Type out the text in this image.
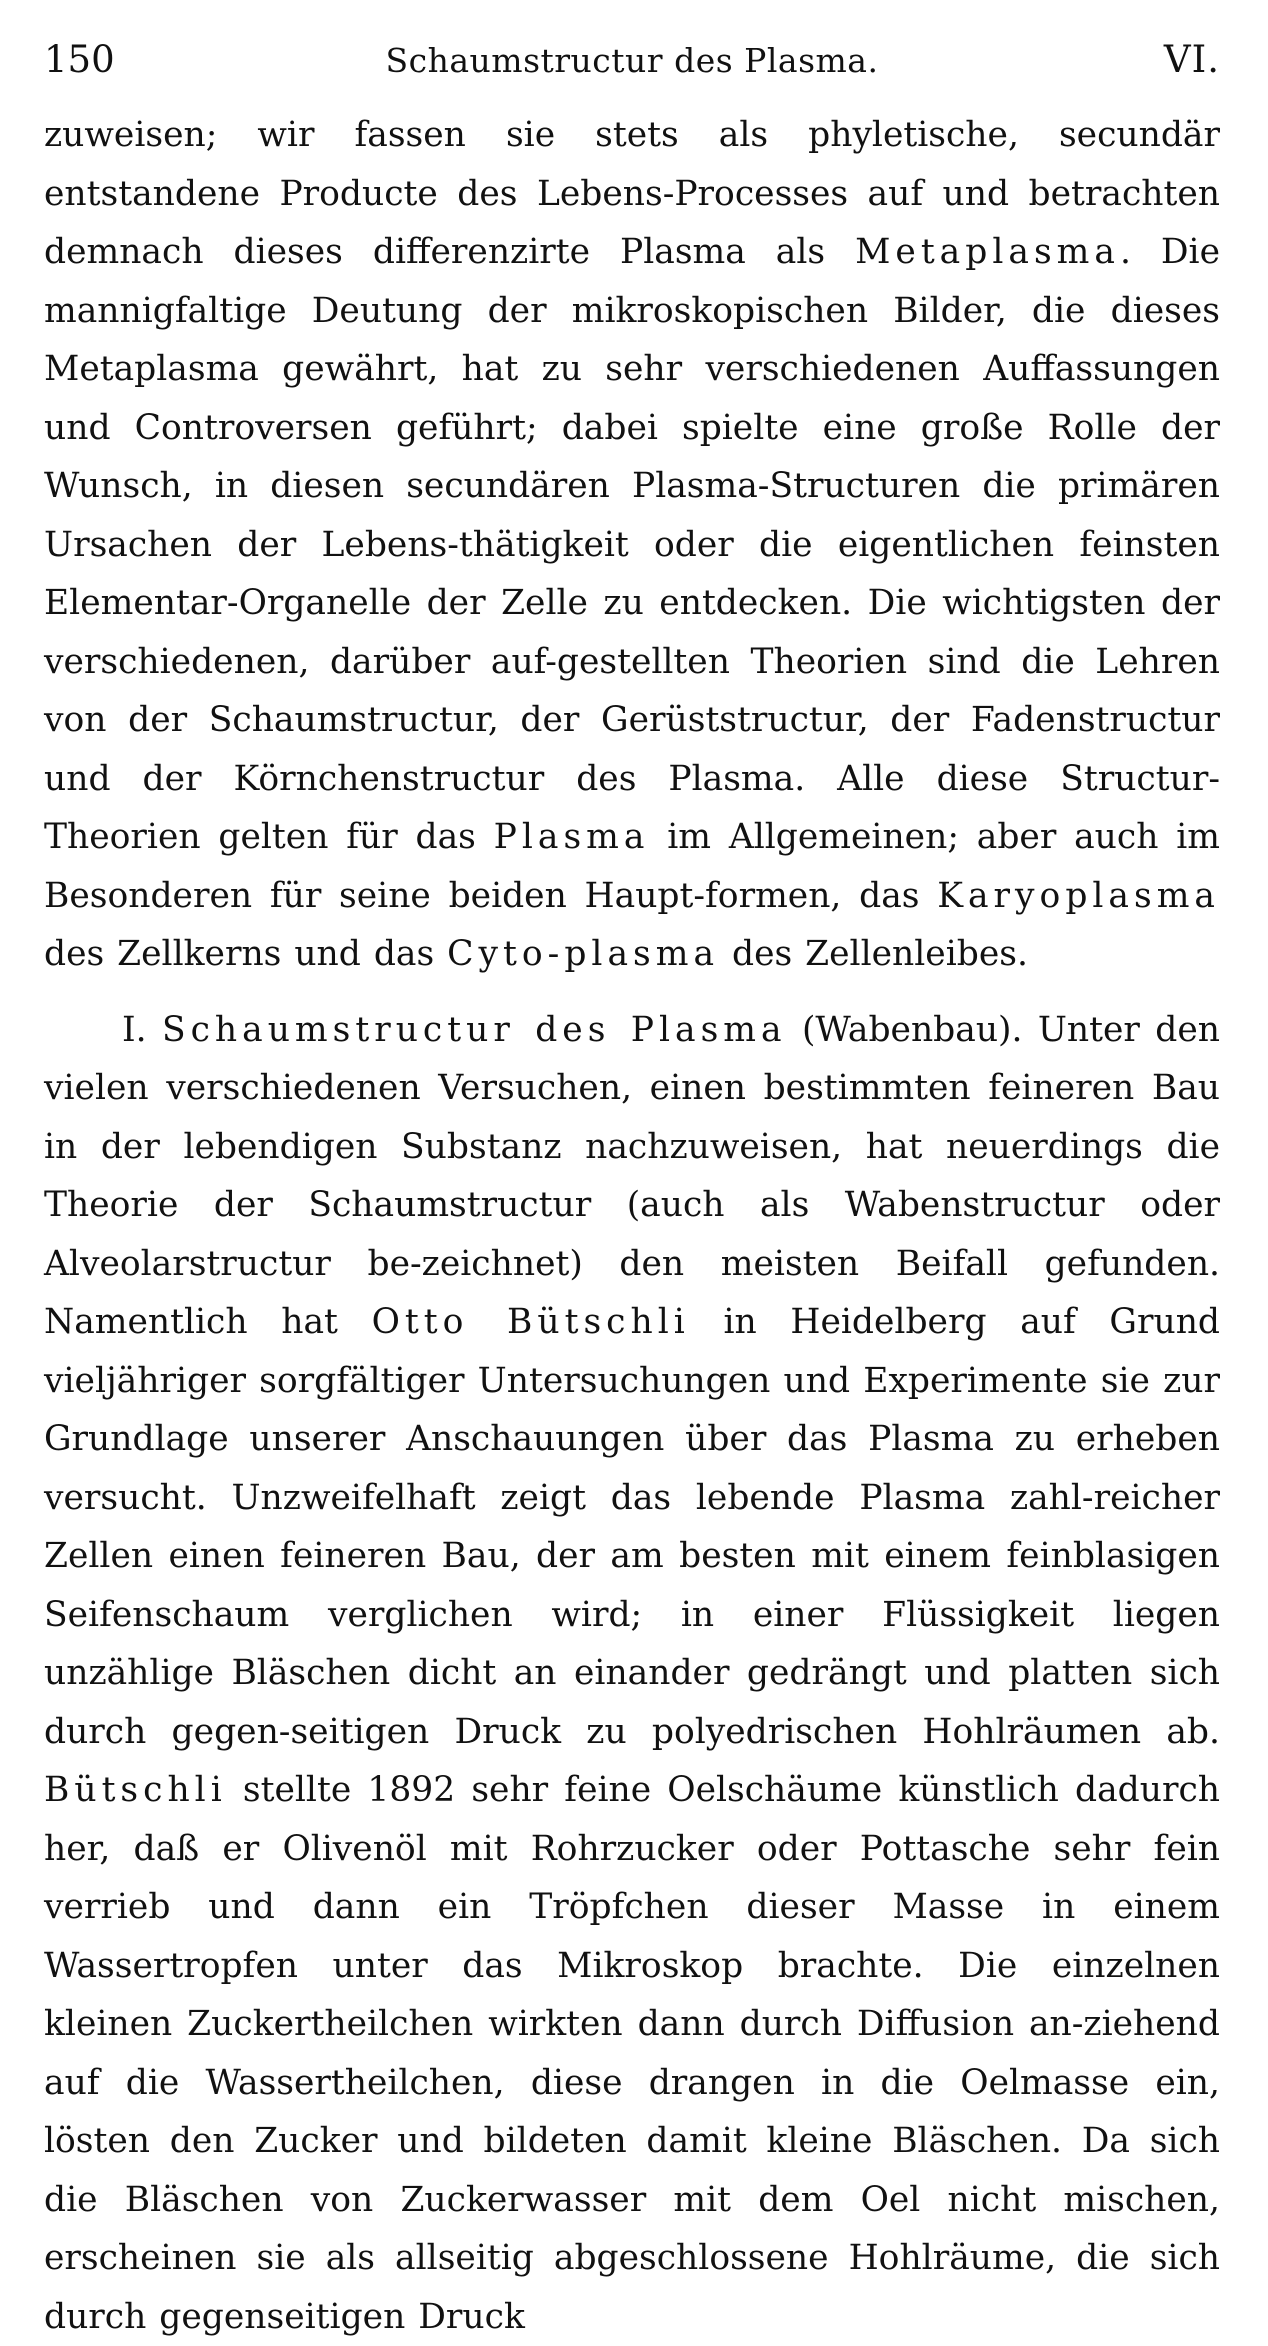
150	Schaumstructur des Plasma.	VI.

zuweisen; wir fassen sie stets als phyletische, secundär entstandene Producte des Lebens-Processes auf und betrachten demnach dieses differenzirte Plasma als Metaplasma. Die mannigfaltige Deutung der mikroskopischen Bilder, die dieses Metaplasma gewährt, hat zu sehr verschiedenen Auffassungen und Controversen geführt; dabei spielte eine große Rolle der Wunsch, in diesen secundären Plasma-Structuren die primären Ursachen der Lebens-thätigkeit oder die eigentlichen feinsten Elementar-Organelle der Zelle zu entdecken. Die wichtigsten der verschiedenen, darüber auf-gestellten Theorien sind die Lehren von der Schaumstructur, der Gerüststructur, der Fadenstructur und der Körnchenstructur des Plasma. Alle diese Structur-Theorien gelten für das Plasma im Allgemeinen; aber auch im Besonderen für seine beiden Haupt-formen, das Karyoplasma des Zellkerns und das Cyto-plasma des Zellenleibes.

I. Schaumstructur des Plasma (Wabenbau). Unter den vielen verschiedenen Versuchen, einen bestimmten feineren Bau in der lebendigen Substanz nachzuweisen, hat neuerdings die Theorie der Schaumstructur (auch als Wabenstructur oder Alveolarstructur be-zeichnet) den meisten Beifall gefunden. Namentlich hat Otto Bütschli in Heidelberg auf Grund vieljähriger sorgfältiger Untersuchungen und Experimente sie zur Grundlage unserer Anschauungen über das Plasma zu erheben versucht. Unzweifelhaft zeigt das lebende Plasma zahl-reicher Zellen einen feineren Bau, der am besten mit einem feinblasigen Seifenschaum verglichen wird; in einer Flüssigkeit liegen unzählige Bläschen dicht an einander gedrängt und platten sich durch gegen-seitigen Druck zu polyedrischen Hohlräumen ab. Bütschli stellte 1892 sehr feine Oelschäume künstlich dadurch her, daß er Olivenöl mit Rohrzucker oder Pottasche sehr fein verrieb und dann ein Tröpfchen dieser Masse in einem Wassertropfen unter das Mikroskop brachte. Die einzelnen kleinen Zuckertheilchen wirkten dann durch Diffusion an-ziehend auf die Wassertheilchen, diese drangen in die Oelmasse ein, lösten den Zucker und bildeten damit kleine Bläschen. Da sich die Bläschen von Zuckerwasser mit dem Oel nicht mischen, erscheinen sie als allseitig abgeschlossene Hohlräume, die sich durch gegenseitigen Druck
